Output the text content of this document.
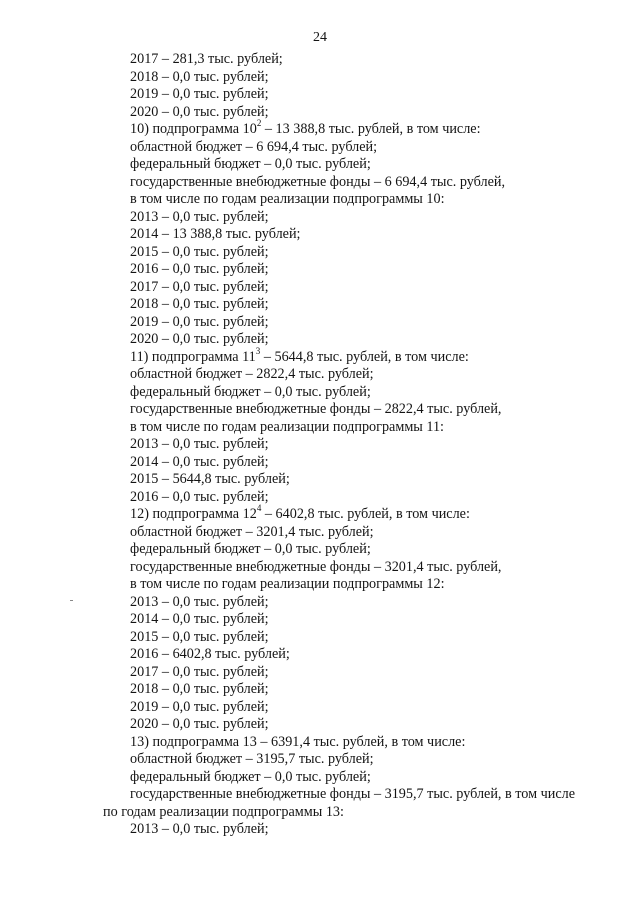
24
2017 – 281,3 тыс. рублей;
2018 – 0,0 тыс. рублей;
2019 – 0,0 тыс. рублей;
2020 – 0,0 тыс. рублей;
10) подпрограмма $10^2 - 13$ 388,8 тыс. рублей, в том числе:
областной бюджет – 6 694,4 тыс. рублей;
федеральный бюджет – 0,0 тыс. рублей;
государственные внебюджетные фонды – 6 694,4 тыс. рублей,
в том числе по годам реализации подпрограммы 10:
2013 – 0,0 тыс. рублей;
2014 – 13 388,8 тыс. рублей;
2015 – 0,0 тыс. рублей;
2016 – 0,0 тыс. рублей;
2017 – 0,0 тыс. рублей;
2018 – 0,0 тыс. рублей;
2019 – 0,0 тыс. рублей;
2020 – 0,0 тыс. рублей;
11) подпрограмма $11^3 - 5644,8$ тыс. рублей, в том числе:
областной бюджет – 2822,4 тыс. рублей;
федеральный бюджет – 0,0 тыс. рублей;
государственные внебюджетные фонды – 2822,4 тыс. рублей,
в том числе по годам реализации подпрограммы 11:
2013 – 0,0 тыс. рублей;
2014 – 0,0 тыс. рублей;
2015 – 5644,8 тыс. рублей;
2016 – 0,0 тыс. рублей;
12) подпрограмма $12^4 - 6402,8$ тыс. рублей, в том числе:
областной бюджет – 3201,4 тыс. рублей;
федеральный бюджет – 0,0 тыс. рублей;
государственные внебюджетные фонды – 3201,4 тыс. рублей,
в том числе по годам реализации подпрограммы 12:
2013 – 0,0 тыс. рублей;
2014 – 0,0 тыс. рублей;
2015 – 0,0 тыс. рублей;
2016 – 6402,8 тыс. рублей;
2017 – 0,0 тыс. рублей;
2018 – 0,0 тыс. рублей;
2019 – 0,0 тыс. рублей;
2020 – 0,0 тыс. рублей;
13) подпрограмма 13 – 6391,4 тыс. рублей, в том числе:
областной бюджет – 3195,7 тыс. рублей;
федеральный бюджет – 0,0 тыс. рублей;
государственные внебюджетные фонды – 3195,7 тыс. рублей, в том числе по годам реализации подпрограммы 13:
2013 – 0,0 тыс. рублей;
